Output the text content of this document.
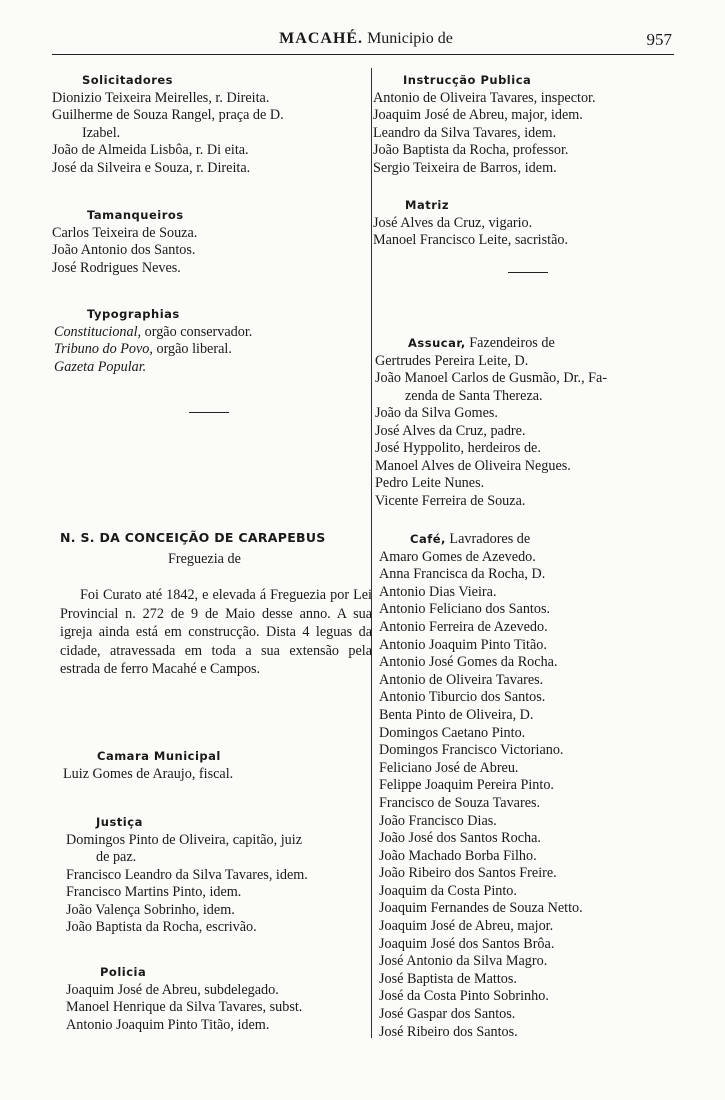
MACAHÉ. Municipio de	957
Solicitadores
Dionizio Teixeira Meirelles, r. Direita.
Guilherme de Souza Rangel, praça de D.
Izabel.
João de Almeida Lisbôa, r. Di eita.
José da Silveira e Souza, r. Direita.
Tamanqueiros
Carlos Teixeira de Souza.
João Antonio dos Santos.
José Rodrigues Neves.
Typographias
Constitucional, orgão conservador.
Tribuno do Povo, orgão liberal.
Gazeta Popular.
N. S. DA CONCEIÇÃO DE CARAPEBUS
Freguezia de
Foi Curato até 1842, e elevada á Freguezia por Lei Provincial n. 272 de 9 de Maio desse anno. A sua igreja ainda está em construcção. Dista 4 leguas da cidade, atravessada em toda a sua extensão pela estrada de ferro Macahé e Campos.
Camara Municipal
Luiz Gomes de Araujo, fiscal.
Justiça
Domingos Pinto de Oliveira, capitão, juiz
de paz.
Francisco Leandro da Silva Tavares, idem.
Francisco Martins Pinto, idem.
João Valença Sobrinho, idem.
João Baptista da Rocha, escrivão.
Policia
Joaquim José de Abreu, subdelegado.
Manoel Henrique da Silva Tavares, subst.
Antonio Joaquim Pinto Titão, idem.
Instrucção Publica
Antonio de Oliveira Tavares, inspector.
Joaquim José de Abreu, major, idem.
Leandro da Silva Tavares, idem.
João Baptista da Rocha, professor.
Sergio Teixeira de Barros, idem.
Matriz
José Alves da Cruz, vigario.
Manoel Francisco Leite, sacristão.
Assucar, Fazendeiros de
Gertrudes Pereira Leite, D.
João Manoel Carlos de Gusmão, Dr., Fa-
zenda de Santa Thereza.
João da Silva Gomes.
José Alves da Cruz, padre.
José Hyppolito, herdeiros de.
Manoel Alves de Oliveira Negues.
Pedro Leite Nunes.
Vicente Ferreira de Souza.
Café, Lavradores de
Amaro Gomes de Azevedo.
Anna Francisca da Rocha, D.
Antonio Dias Vieira.
Antonio Feliciano dos Santos.
Antonio Ferreira de Azevedo.
Antonio Joaquim Pinto Titão.
Antonio José Gomes da Rocha.
Antonio de Oliveira Tavares.
Antonio Tiburcio dos Santos.
Benta Pinto de Oliveira, D.
Domingos Caetano Pinto.
Domingos Francisco Victoriano.
Feliciano José de Abreu.
Felippe Joaquim Pereira Pinto.
Francisco de Souza Tavares.
João Francisco Dias.
João José dos Santos Rocha.
João Machado Borba Filho.
João Ribeiro dos Santos Freire.
Joaquim da Costa Pinto.
Joaquim Fernandes de Souza Netto.
Joaquim José de Abreu, major.
Joaquim José dos Santos Brôa.
José Antonio da Silva Magro.
José Baptista de Mattos.
José da Costa Pinto Sobrinho.
José Gaspar dos Santos.
José Ribeiro dos Santos.
